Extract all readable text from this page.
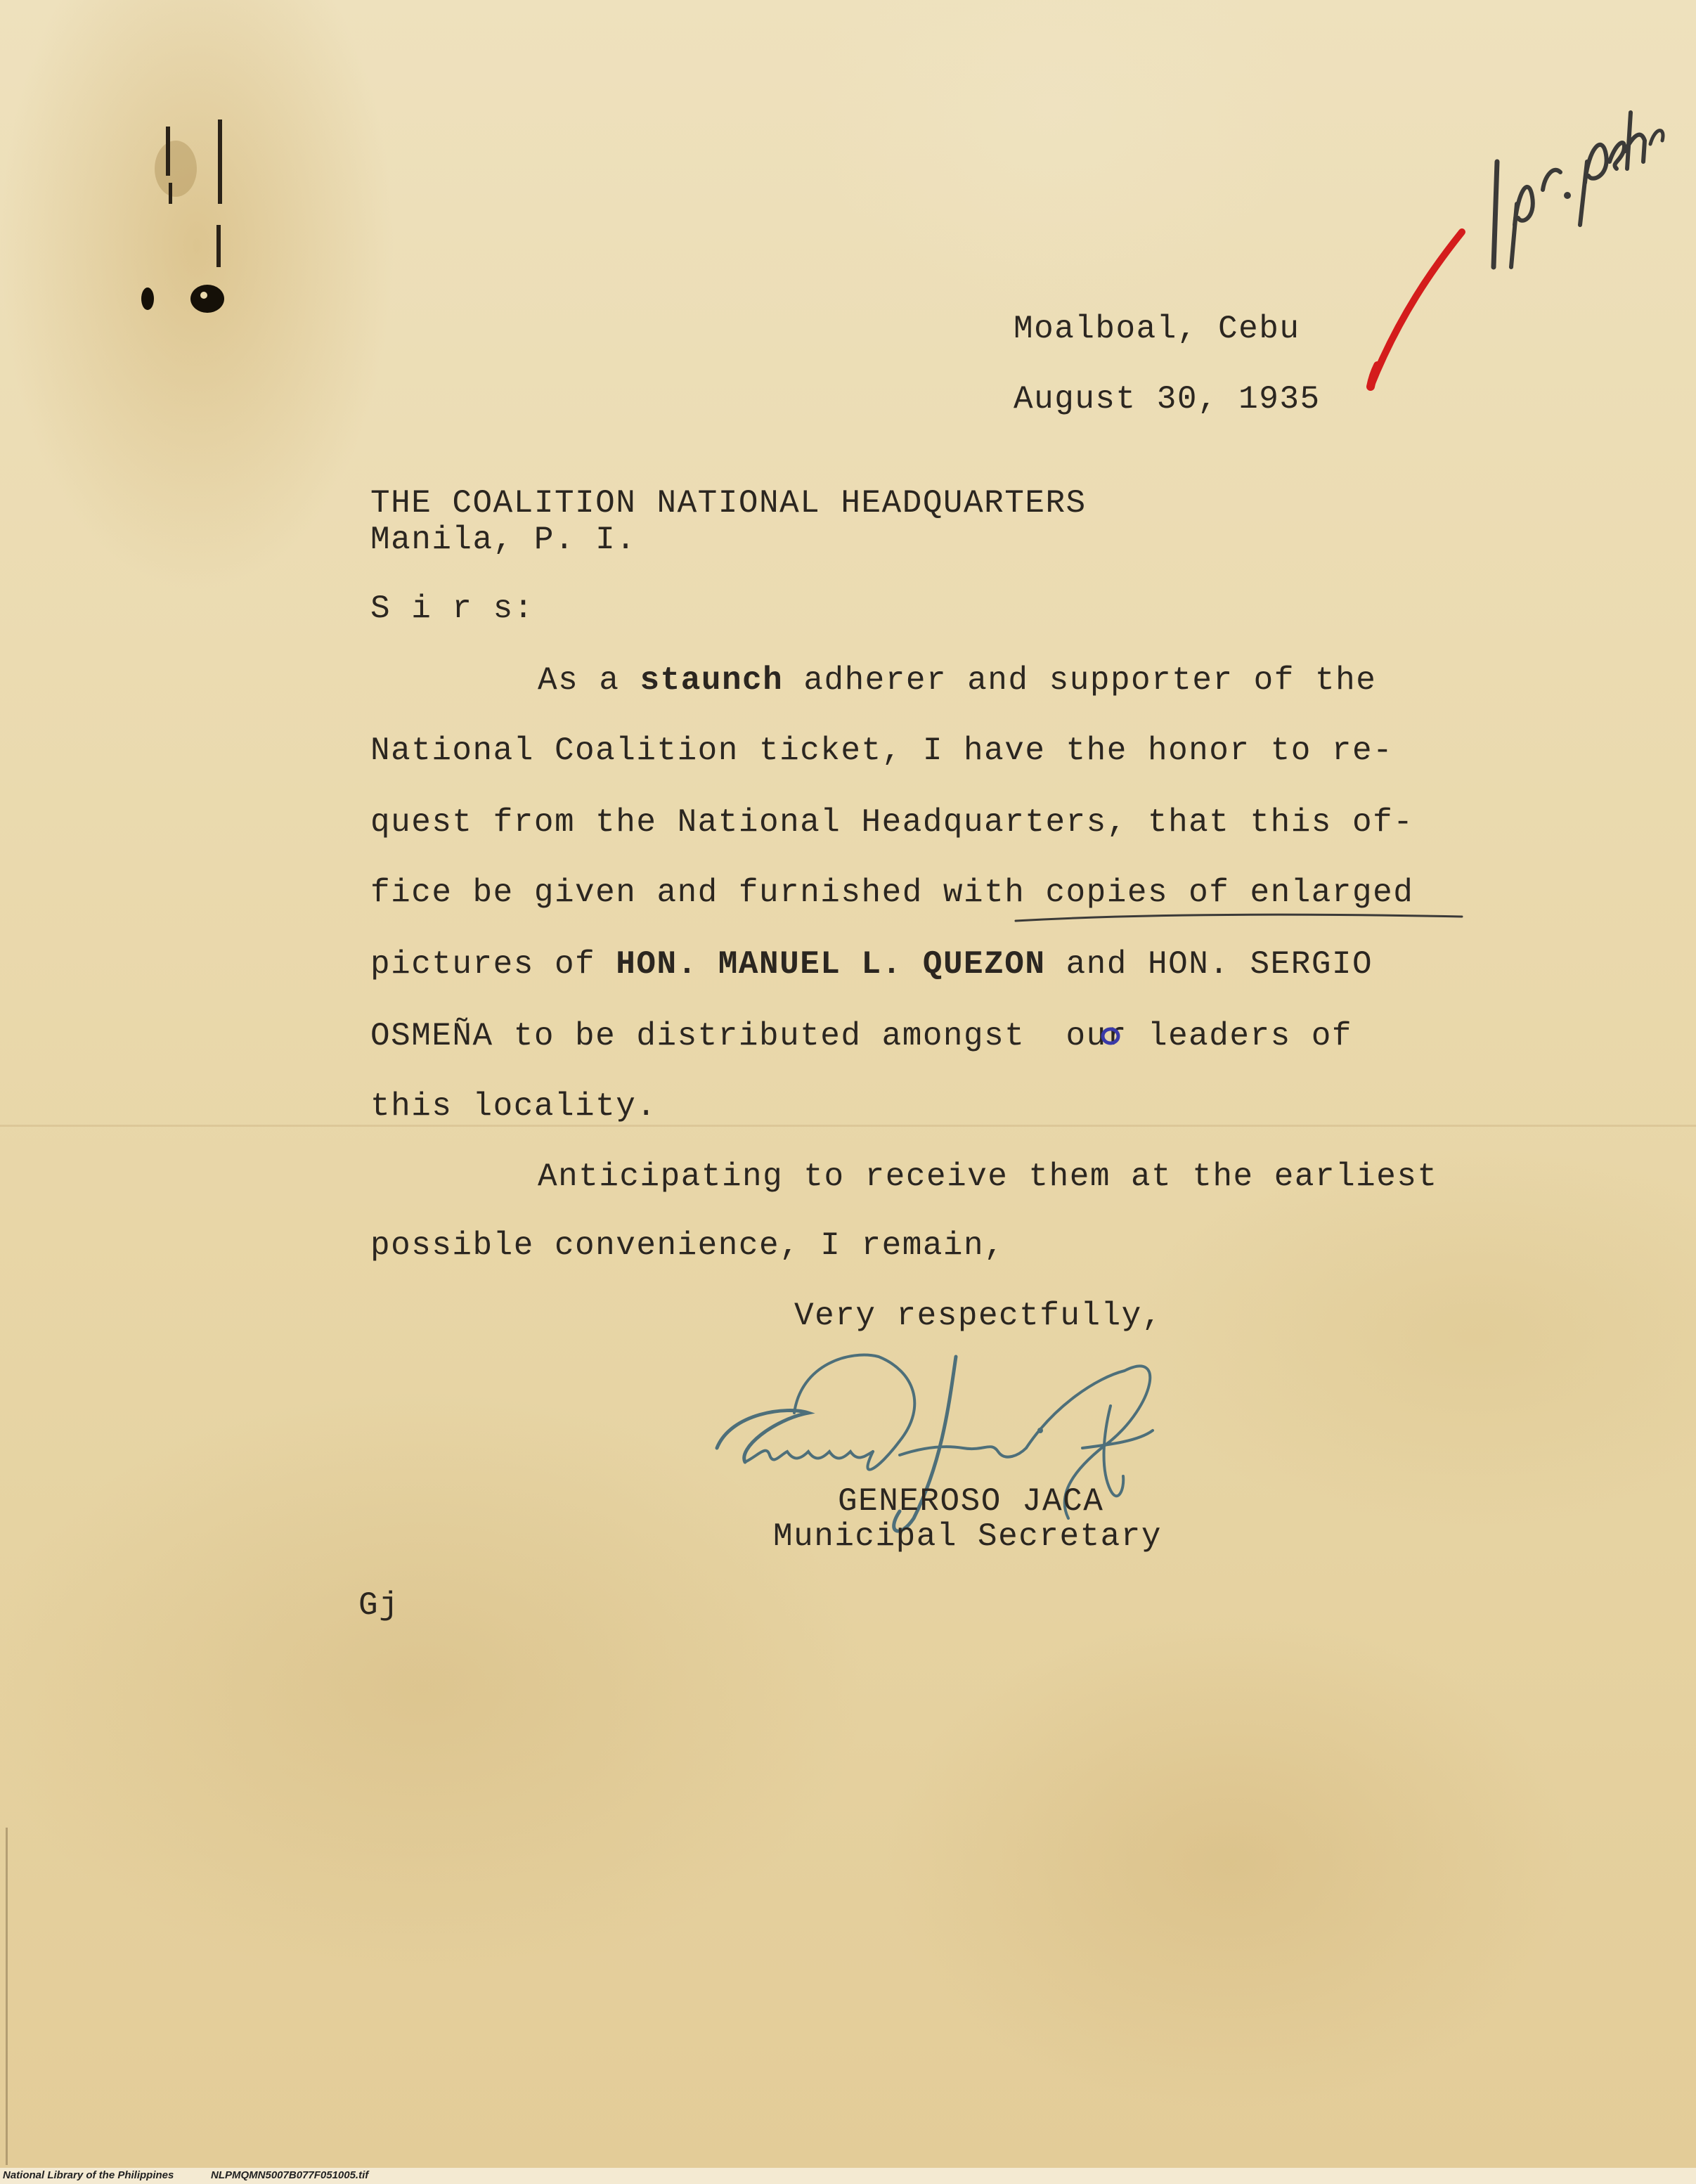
Moalboal, Cebu

August 30, 1935

THE COALITION NATIONAL HEADQUARTERS

Manila, P. I.

S i r s:

As a staunch adherer and supporter of the

National Coalition ticket, I have the honor to re-

quest from the National Headquarters, that this of-

fice be given and furnished with copies of enlarged

pictures of HON. MANUEL L. QUEZON and HON. SERGIO

OSMEÑA to be distributed amongst  our leaders of

this locality.

Anticipating to receive them at the earliest

possible convenience, I remain,

Very respectfully,

GENEROSO JACA

Municipal Secretary

Gj

National Library of the Philippines	NLPMQMN5007B077F051005.tif
